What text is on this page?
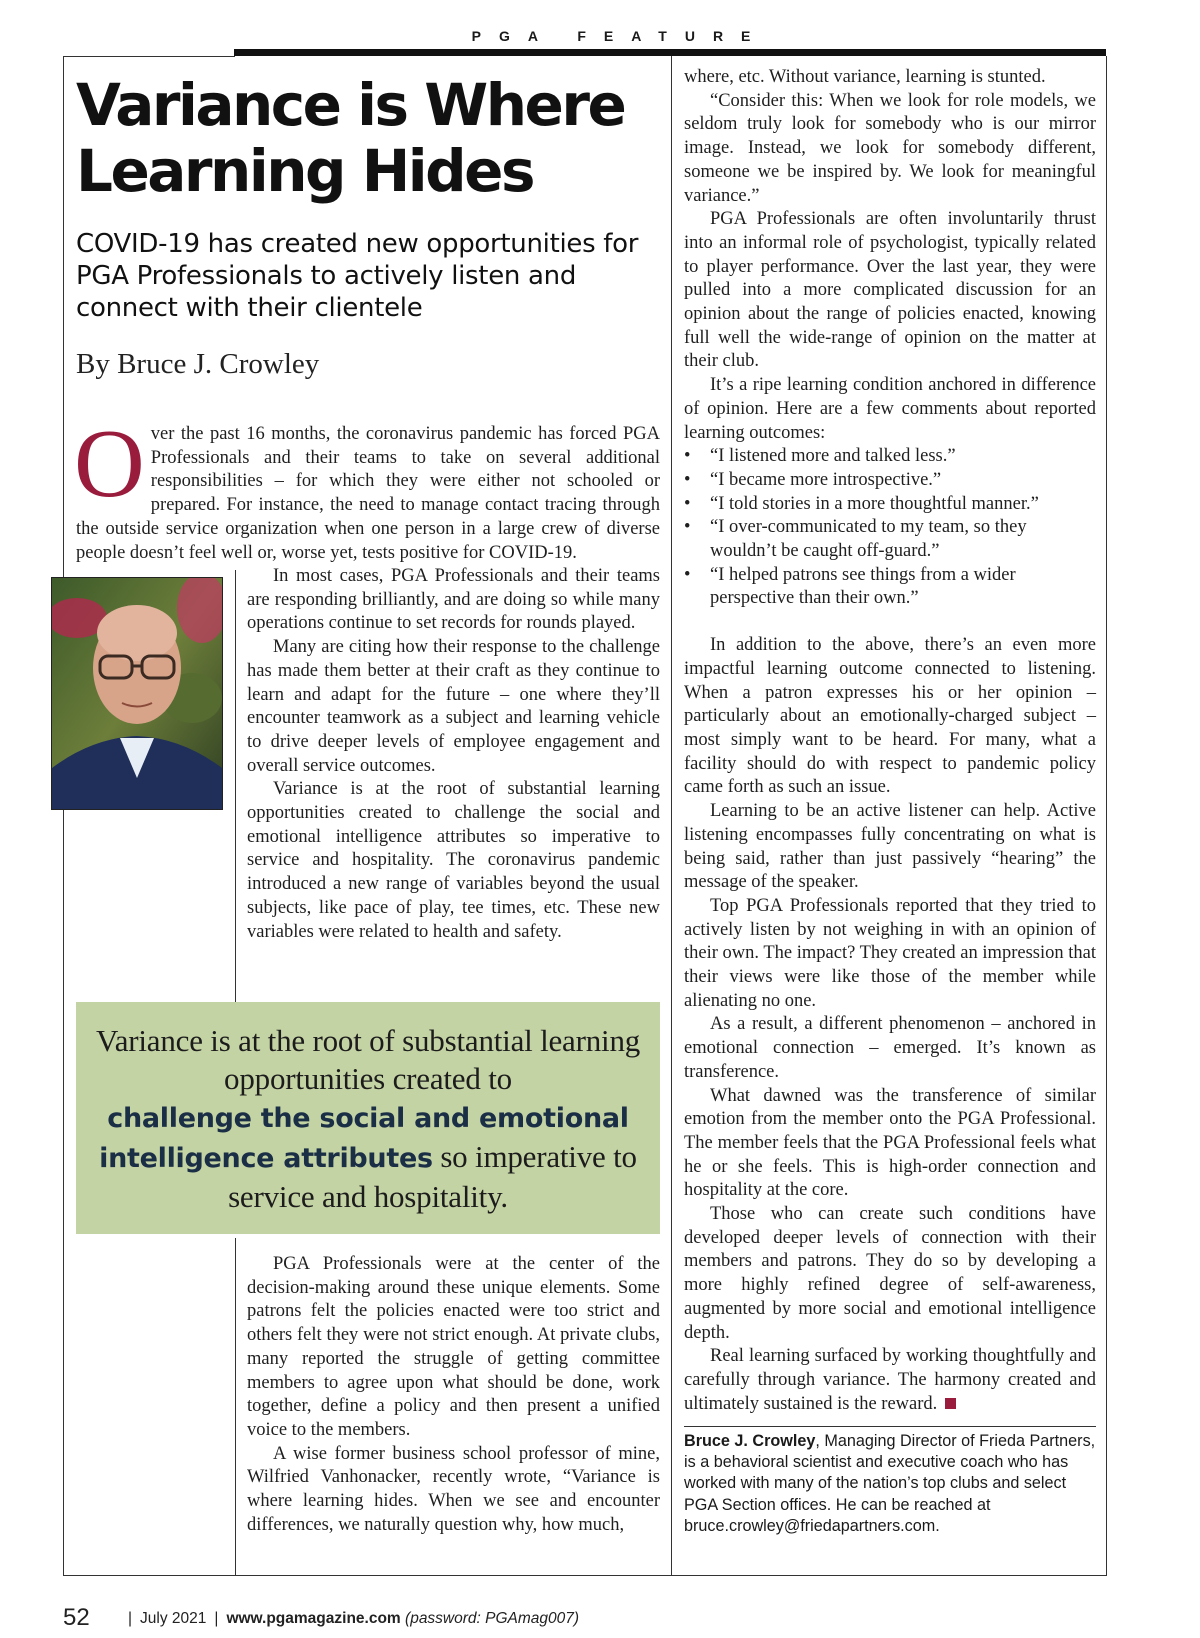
PGA FEATURE
Variance is Where
Learning Hides
COVID-19 has created new opportunities for PGA Professionals to actively listen and connect with their clientele
By Bruce J. Crowley
O ver the past 16 months, the coronavirus pandemic has forced PGA Professionals and their teams to take on several additional responsibilities – for which they were either not schooled or prepared. For instance, the need to manage contact tracing through the outside service organization when one person in a large crew of diverse people doesn’t feel well or, worse yet, tests positive for COVID-19.

In most cases, PGA Professionals and their teams are responding brilliantly, and are doing so while many operations continue to set records for rounds played.

Many are citing how their response to the challenge has made them better at their craft as they continue to learn and adapt for the future – one where they’ll encounter teamwork as a subject and learning vehicle to drive deeper levels of employee engagement and overall service outcomes.

Variance is at the root of substantial learning opportunities created to challenge the social and emotional intelligence attributes so imperative to service and hospitality. The coronavirus pandemic introduced a new range of variables beyond the usual subjects, like pace of play, tee times, etc. These new variables were related to health and safety.

Variance is at the root of substantial learning opportunities created to
challenge the social and emotional intelligence attributes so imperative to service and hospitality.

PGA Professionals were at the center of the decision-making around these unique elements. Some patrons felt the policies enacted were too strict and others felt they were not strict enough. At private clubs, many reported the struggle of getting committee members to agree upon what should be done, work together, define a policy and then present a unified voice to the members.

A wise former business school professor of mine, Wilfried Vanhonacker, recently wrote, “Variance is where learning hides. When we see and encounter differences, we naturally question why, how much,

where, etc. Without variance, learning is stunted.

“Consider this: When we look for role models, we seldom truly look for somebody who is our mirror image. Instead, we look for somebody different, someone we be inspired by. We look for meaningful variance.”

PGA Professionals are often involuntarily thrust into an informal role of psychologist, typically related to player performance. Over the last year, they were pulled into a more complicated discussion for an opinion about the range of policies enacted, knowing full well the wide-range of opinion on the matter at their club.

It’s a ripe learning condition anchored in difference of opinion. Here are a few comments about reported learning outcomes:

• “I listened more and talked less.”
• “I became more introspective.”
• “I told stories in a more thoughtful manner.”
• “I over-communicated to my team, so they wouldn’t be caught off-guard.”
• “I helped patrons see things from a wider perspective than their own.”

In addition to the above, there’s an even more impactful learning outcome connected to listening. When a patron expresses his or her opinion – particularly about an emotionally-charged subject – most simply want to be heard. For many, what a facility should do with respect to pandemic policy came forth as such an issue.

Learning to be an active listener can help. Active listening encompasses fully concentrating on what is being said, rather than just passively “hearing” the message of the speaker.

Top PGA Professionals reported that they tried to actively listen by not weighing in with an opinion of their own. The impact? They created an impression that their views were like those of the member while alienating no one.

As a result, a different phenomenon – anchored in emotional connection – emerged. It’s known as transference.

What dawned was the transference of similar emotion from the member onto the PGA Professional. The member feels that the PGA Professional feels what he or she feels. This is high-order connection and hospitality at the core.

Those who can create such conditions have developed deeper levels of connection with their members and patrons. They do so by developing a more highly refined degree of self-awareness, augmented by more social and emotional intelligence depth.

Real learning surfaced by working thoughtfully and carefully through variance. The harmony created and ultimately sustained is the reward.

Bruce J. Crowley, Managing Director of Frieda Partners, is a behavioral scientist and executive coach who has worked with many of the nation’s top clubs and select PGA Section offices. He can be reached at bruce.crowley@friedapartners.com.
52 | July 2021 | www.pgamagazine.com (password: PGAmag007)
